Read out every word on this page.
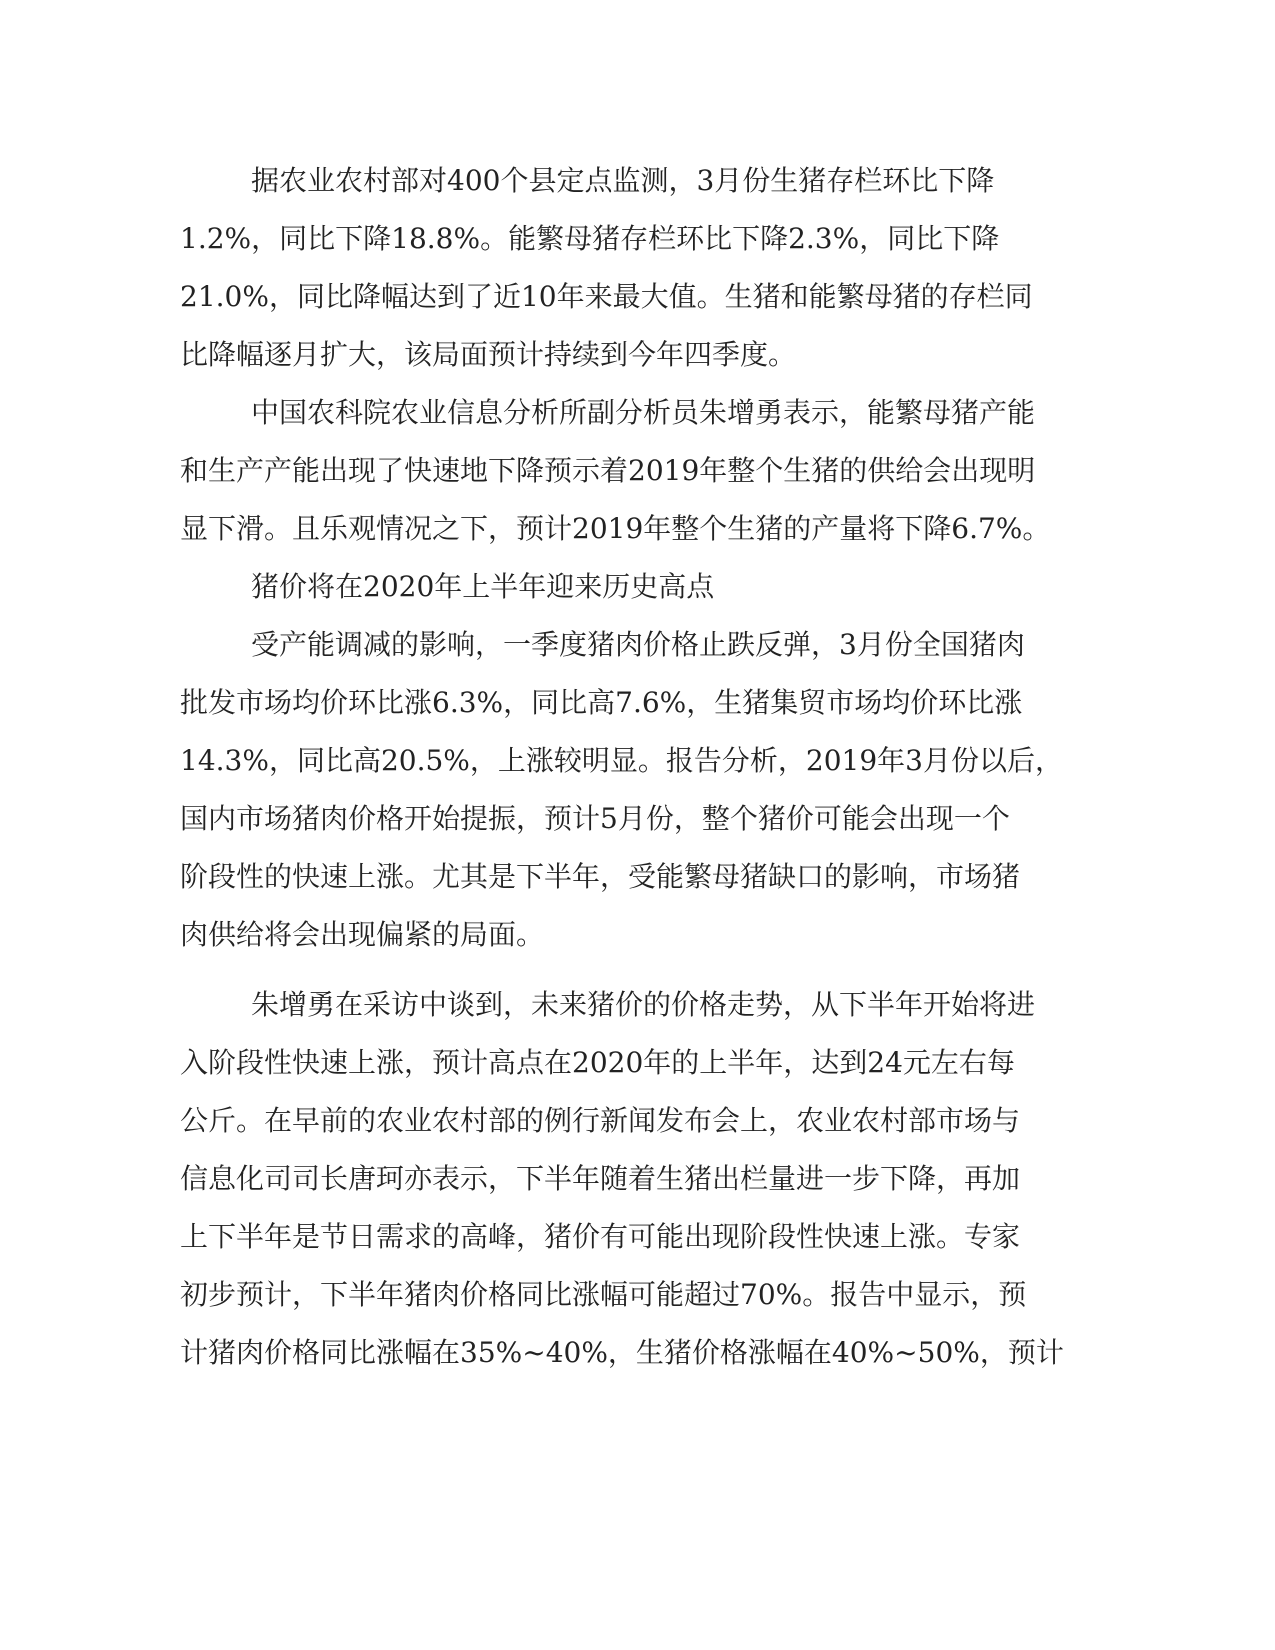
据农业农村部对400个县定点监测，3月份生猪存栏环比下降
1.2%，同比下降18.8%。能繁母猪存栏环比下降2.3%，同比下降
21.0%，同比降幅达到了近10年来最大值。生猪和能繁母猪的存栏同
比降幅逐月扩大，该局面预计持续到今年四季度。
中国农科院农业信息分析所副分析员朱增勇表示，能繁母猪产能
和生产产能出现了快速地下降预示着2019年整个生猪的供给会出现明
显下滑。且乐观情况之下，预计2019年整个生猪的产量将下降6.7%。
猪价将在2020年上半年迎来历史高点
受产能调减的影响，一季度猪肉价格止跌反弹，3月份全国猪肉
批发市场均价环比涨6.3%，同比高7.6%，生猪集贸市场均价环比涨
14.3%，同比高20.5%，上涨较明显。报告分析，2019年3月份以后，
国内市场猪肉价格开始提振，预计5月份，整个猪价可能会出现一个
阶段性的快速上涨。尤其是下半年，受能繁母猪缺口的影响，市场猪
肉供给将会出现偏紧的局面。
朱增勇在采访中谈到，未来猪价的价格走势，从下半年开始将进
入阶段性快速上涨，预计高点在2020年的上半年，达到24元左右每
公斤。在早前的农业农村部的例行新闻发布会上，农业农村部市场与
信息化司司长唐珂亦表示，下半年随着生猪出栏量进一步下降，再加
上下半年是节日需求的高峰，猪价有可能出现阶段性快速上涨。专家
初步预计，下半年猪肉价格同比涨幅可能超过70%。报告中显示，预
计猪肉价格同比涨幅在35%~40%，生猪价格涨幅在40%~50%，预计
